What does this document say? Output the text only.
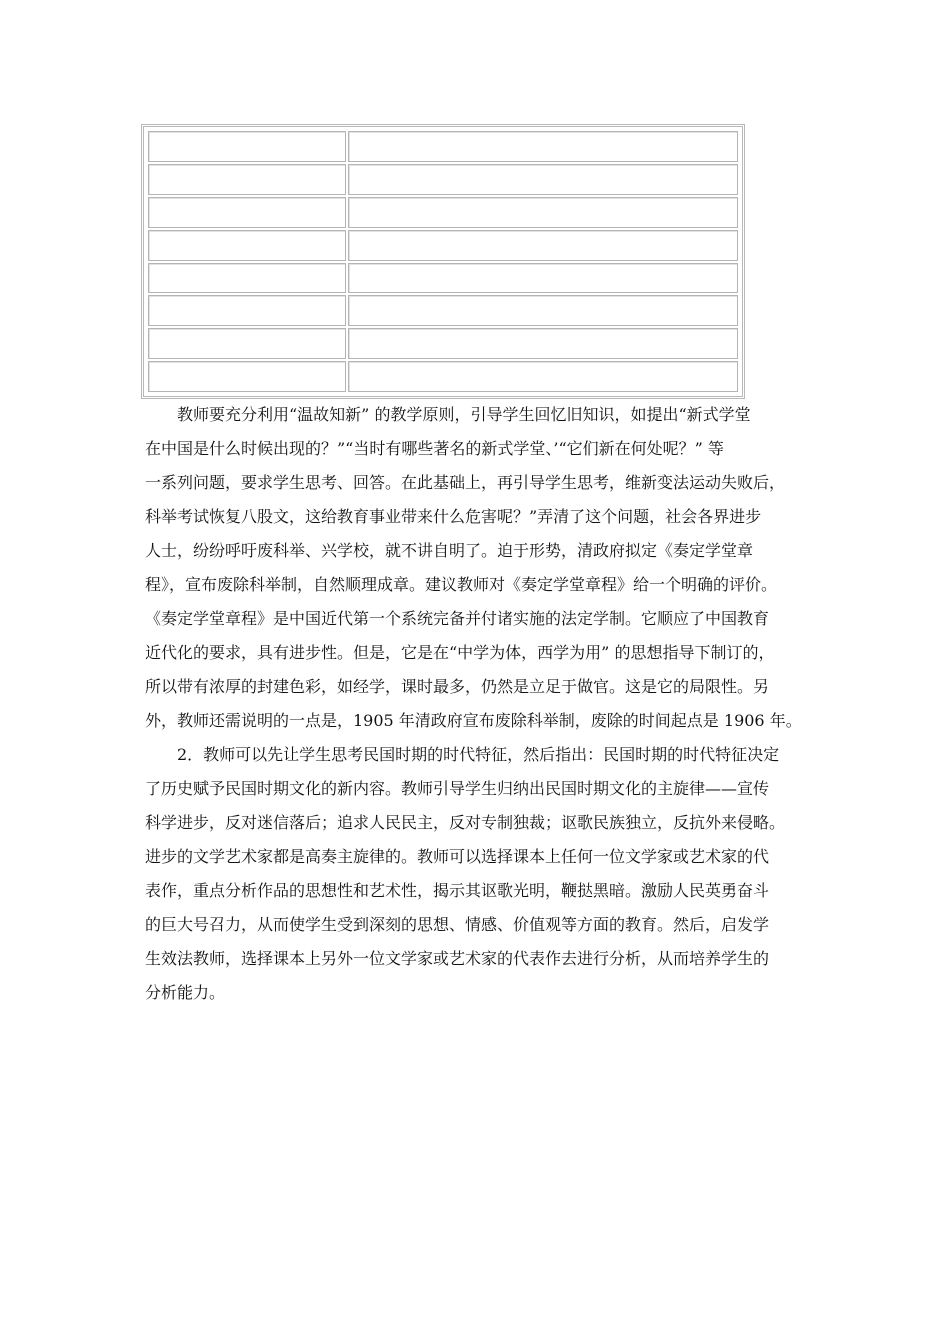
　　教师要充分利用“温故知新” 的教学原则，引导学生回忆旧知识，如提出“新式学堂
在中国是什么时候出现的？”“当时有哪些著名的新式学堂、’“它们新在何处呢？” 等
一系列问题，要求学生思考、回答。在此基础上，再引导学生思考，维新变法运动失败后，
科举考试恢复八股文，这给教育事业带来什么危害呢？”弄清了这个问题，社会各界进步
人士，纷纷呼吁废科举、兴学校，就不讲自明了。迫于形势，清政府拟定《奏定学堂章
程》，宣布废除科举制，自然顺理成章。建议教师对《奏定学堂章程》给一个明确的评价。
《奏定学堂章程》是中国近代第一个系统完备并付诸实施的法定学制。它顺应了中国教育
近代化的要求，具有进步性。但是，它是在“中学为体，西学为用” 的思想指导下制订的，
所以带有浓厚的封建色彩，如经学，课时最多，仍然是立足于做官。这是它的局限性。另
外，教师还需说明的一点是，1905 年清政府宣布废除科举制，废除的时间起点是 1906 年。

　　2．教师可以先让学生思考民国时期的时代特征，然后指出：民国时期的时代特征决定
了历史赋予民国时期文化的新内容。教师引导学生归纳出民国时期文化的主旋律——宣传
科学进步，反对迷信落后；追求人民民主，反对专制独裁；讴歌民族独立，反抗外来侵略。
进步的文学艺术家都是高奏主旋律的。教师可以选择课本上任何一位文学家或艺术家的代
表作，重点分析作品的思想性和艺术性，揭示其讴歌光明，鞭挞黑暗。激励人民英勇奋斗
的巨大号召力，从而使学生受到深刻的思想、情感、价值观等方面的教育。然后，启发学
生效法教师，选择课本上另外一位文学家或艺术家的代表作去进行分析，从而培养学生的
分析能力。
